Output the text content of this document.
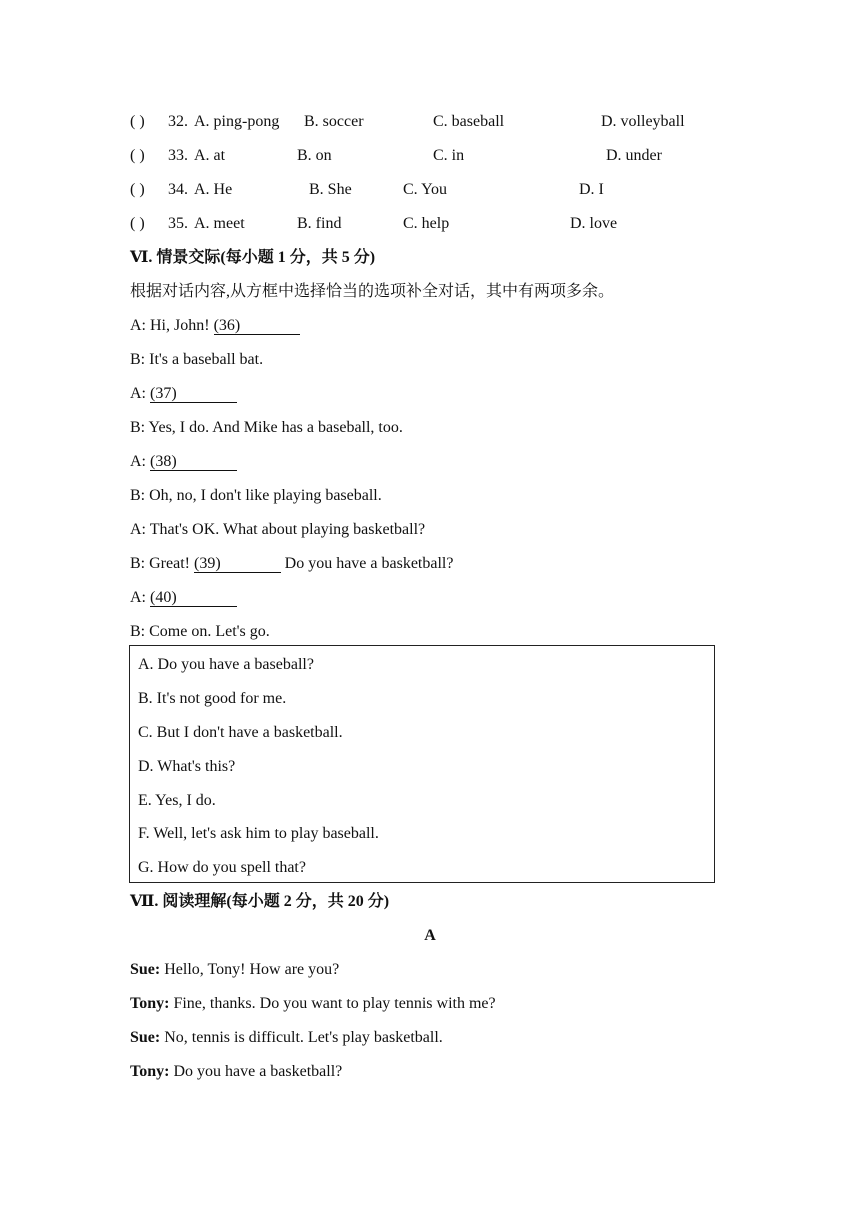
( ) 32. A. ping-pong B. soccer	C. baseball	D. volleyball
( ) 33. A. at	B. on	C. in	D. under
( ) 34. A. He	B. She	C. You	D. I
( ) 35. A. meet	B. find	C. help	D. love
Ⅵ. 情景交际(每小题 1 分，共 5 分)
根据对话内容,从方框中选择恰当的选项补全对话，其中有两项多余。
A: Hi, John! (36)
B: It's a baseball bat.
A: (37)
B: Yes, I do. And Mike has a baseball, too.
A: (38)
B: Oh, no, I don't like playing baseball.
A: That's OK. What about playing basketball?
B: Great! (39)	Do you have a basketball?
A: (40)
B: Come on. Let's go.
A. Do you have a baseball?
B. It's not good for me.
C. But I don't have a basketball.
D. What's this?
E. Yes, I do.
F. Well, let's ask him to play baseball.
G. How do you spell that?
Ⅶ. 阅读理解(每小题 2 分，共 20 分)
A
Sue: Hello, Tony! How are you?
Tony: Fine, thanks. Do you want to play tennis with me?
Sue: No, tennis is difficult. Let's play basketball.
Tony: Do you have a basketball?
